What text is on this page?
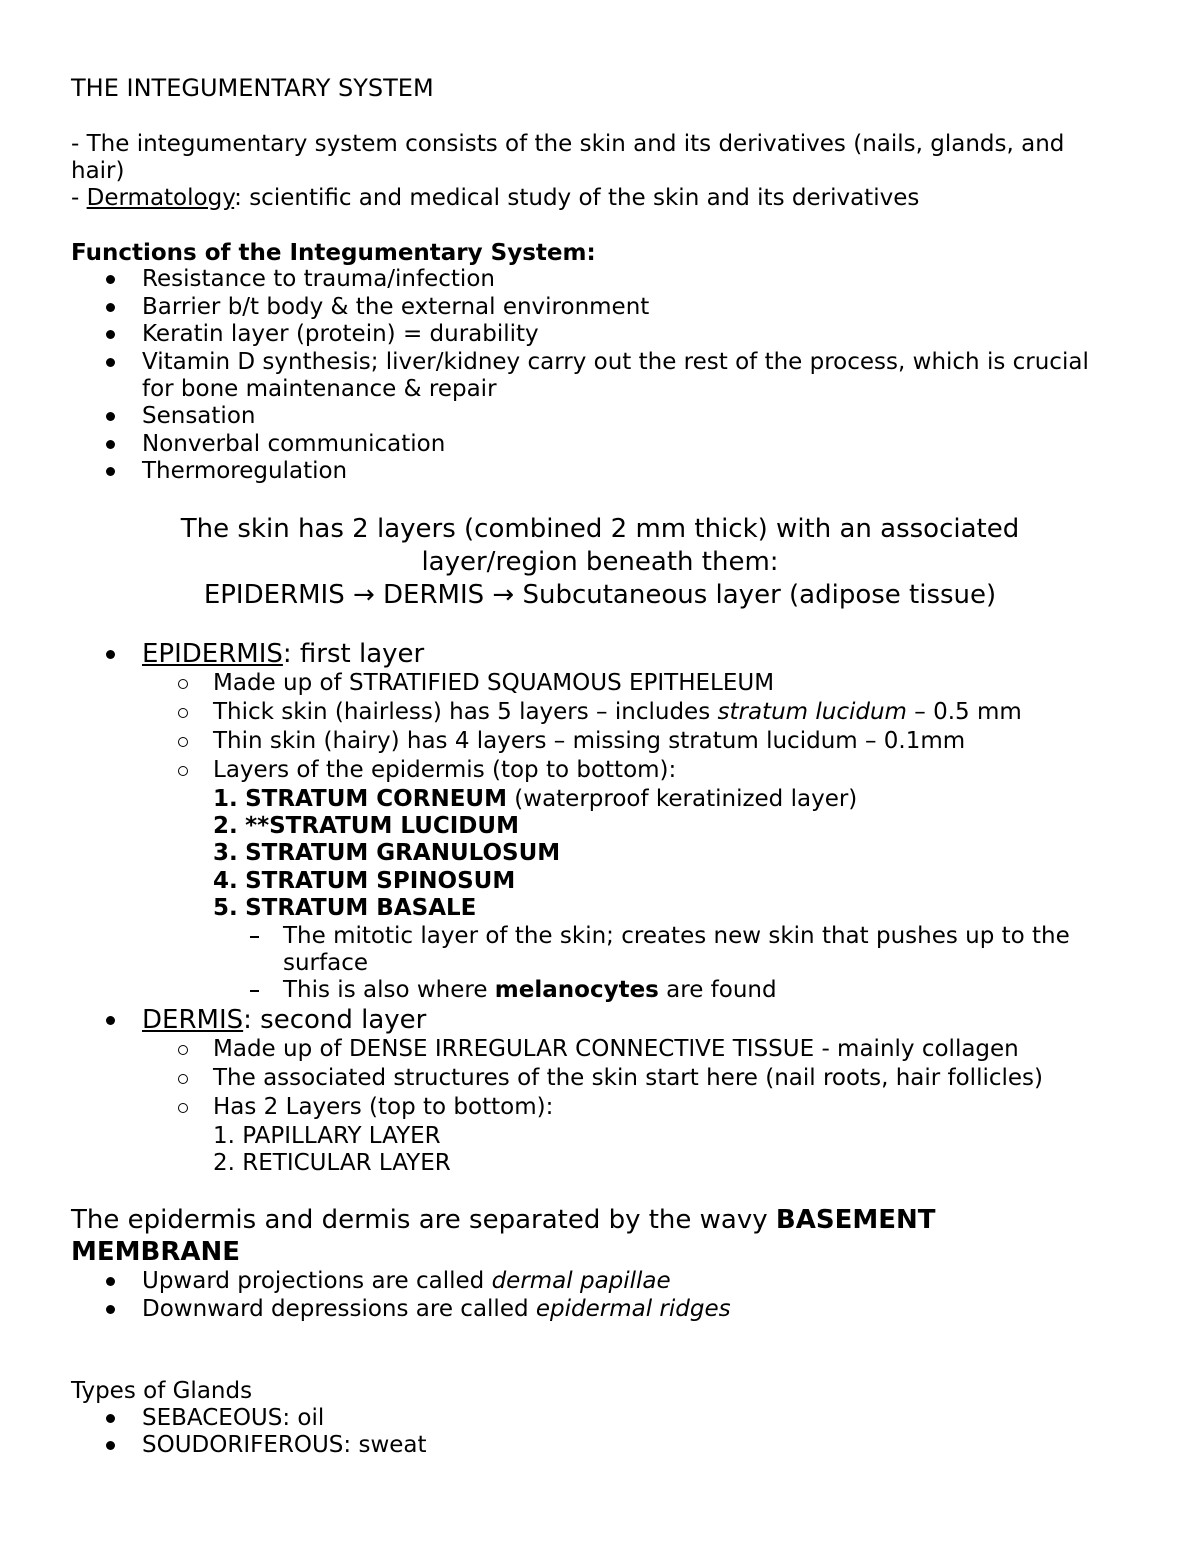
THE INTEGUMENTARY SYSTEM
- The integumentary system consists of the skin and its derivatives (nails, glands, and
hair)
- Dermatology: scientific and medical study of the skin and its derivatives
Functions of the Integumentary System:
Resistance to trauma/infection
Barrier b/t body & the external environment
Keratin layer (protein) = durability
Vitamin D synthesis; liver/kidney carry out the rest of the process, which is crucial
for bone maintenance & repair
Sensation
Nonverbal communication
Thermoregulation
The skin has 2 layers (combined 2 mm thick) with an associated
layer/region beneath them:
EPIDERMIS → DERMIS → Subcutaneous layer (adipose tissue)
EPIDERMIS: first layer
Made up of STRATIFIED SQUAMOUS EPITHELEUM
Thick skin (hairless) has 5 layers – includes stratum lucidum – 0.5 mm
Thin skin (hairy) has 4 layers – missing stratum lucidum – 0.1mm
Layers of the epidermis (top to bottom):
1. STRATUM CORNEUM (waterproof keratinized layer)
2. **STRATUM LUCIDUM
3. STRATUM GRANULOSUM
4. STRATUM SPINOSUM
5. STRATUM BASALE
The mitotic layer of the skin; creates new skin that pushes up to the
surface
This is also where melanocytes are found
DERMIS: second layer
Made up of DENSE IRREGULAR CONNECTIVE TISSUE - mainly collagen
The associated structures of the skin start here (nail roots, hair follicles)
Has 2 Layers (top to bottom):
1. PAPILLARY LAYER
2. RETICULAR LAYER
The epidermis and dermis are separated by the wavy BASEMENT
MEMBRANE
Upward projections are called dermal papillae
Downward depressions are called epidermal ridges
Types of Glands
SEBACEOUS: oil
SOUDORIFEROUS: sweat
